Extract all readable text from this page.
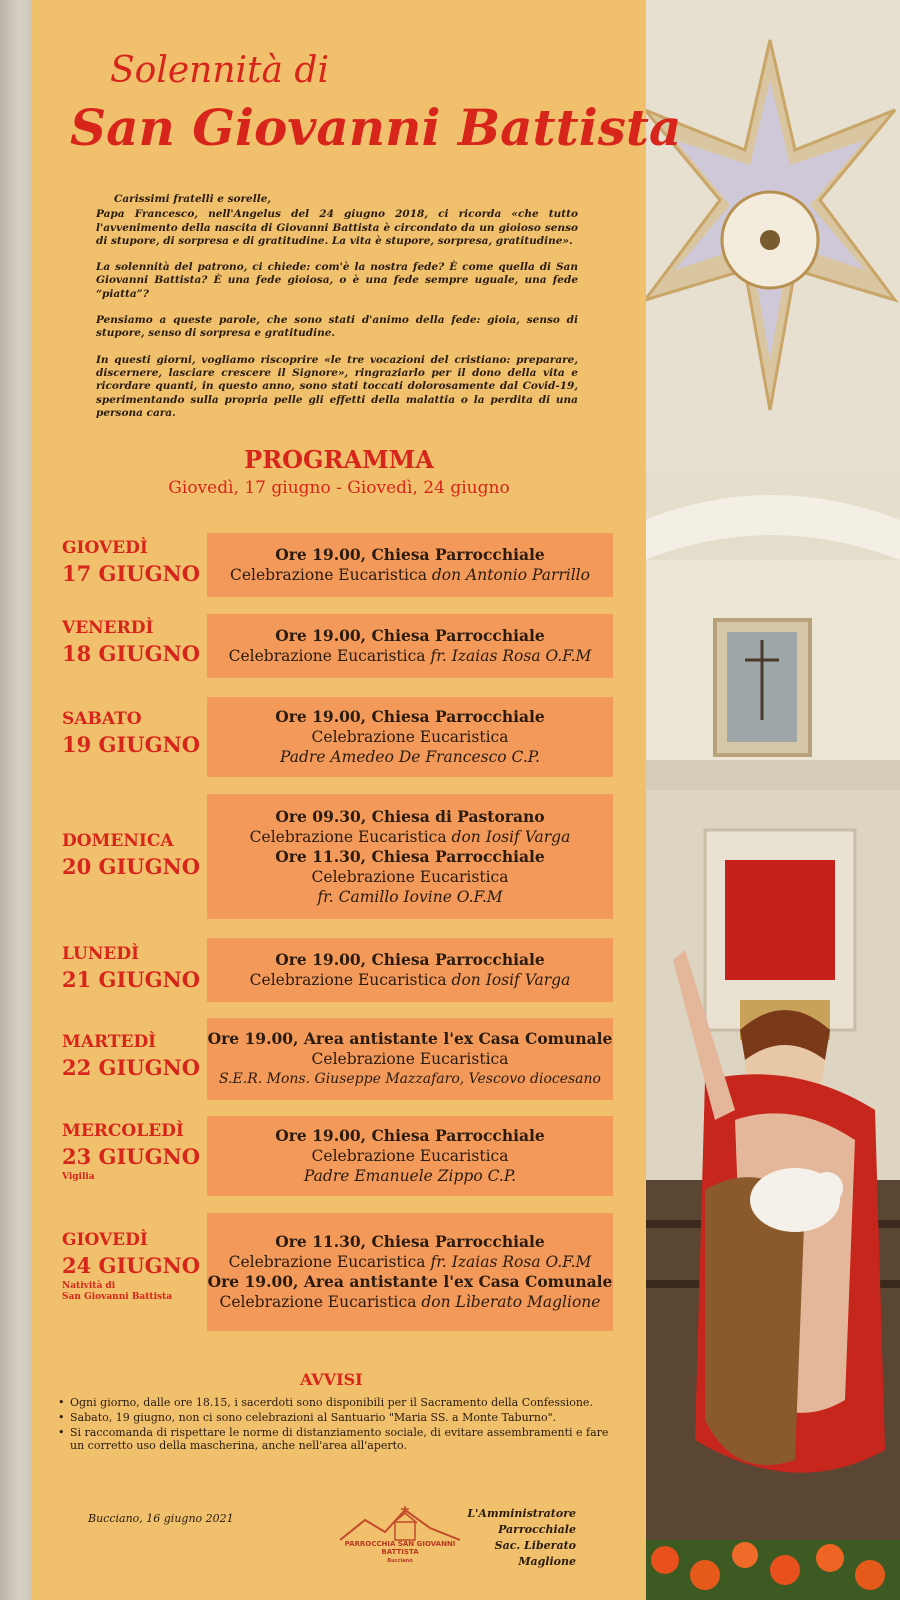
Solennità di
San Giovanni Battista

Carissimi fratelli e sorelle,

Papa Francesco, nell'Angelus del 24 giugno 2018, ci ricorda «che tutto l'avvenimento della nascita di Giovanni Battista è circondato da un gioioso senso di stupore, di sorpresa e di gratitudine. La vita è stupore, sorpresa, gratitudine».

La solennità del patrono, ci chiede: com'è la nostra fede? È come quella di San Giovanni Battista? È una fede gioiosa, o è una fede sempre uguale, una fede “piatta”?

Pensiamo a queste parole, che sono stati d'animo della fede: gioia, senso di stupore, senso di sorpresa e gratitudine.

In questi giorni, vogliamo riscoprire «le tre vocazioni del cristiano: preparare, discernere, lasciare crescere il Signore», ringraziarlo per il dono della vita e ricordare quanti, in questo anno, sono stati toccati dolorosamente dal Covid-19, sperimentando sulla propria pelle gli effetti della malattia o la perdita di una persona cara.

PROGRAMMA
Giovedì, 17 giugno - Giovedì, 24 giugno
GIOVEDÌ
17 GIUGNO
Ore 19.00, Chiesa Parrocchiale
Celebrazione Eucaristica don Antonio Parrillo
VENERDÌ
18 GIUGNO
Ore 19.00, Chiesa Parrocchiale
Celebrazione Eucaristica fr. Izaias Rosa O.F.M
SABATO
19 GIUGNO
Ore 19.00, Chiesa Parrocchiale
Celebrazione Eucaristica
Padre Amedeo De Francesco C.P.
DOMENICA
20 GIUGNO
Ore 09.30, Chiesa di Pastorano
Celebrazione Eucaristica don Iosif Varga
Ore 11.30, Chiesa Parrocchiale
Celebrazione Eucaristica
fr. Camillo Iovine O.F.M
LUNEDÌ
21 GIUGNO
Ore 19.00, Chiesa Parrocchiale
Celebrazione Eucaristica don Iosif Varga
MARTEDÌ
22 GIUGNO
Ore 19.00, Area antistante l'ex Casa Comunale
Celebrazione Eucaristica
S.E.R. Mons. Giuseppe Mazzafaro, Vescovo diocesano
MERCOLEDÌ
23 GIUGNO
Vigilia
Ore 19.00, Chiesa Parrocchiale
Celebrazione Eucaristica
Padre Emanuele Zippo C.P.
GIOVEDÌ
24 GIUGNO
Natività di
San Giovanni Battista
Ore 11.30, Chiesa Parrocchiale
Celebrazione Eucaristica fr. Izaias Rosa O.F.M
Ore 19.00, Area antistante l'ex Casa Comunale
Celebrazione Eucaristica don Lìberato Maglione
AVVISI
• Ogni giorno, dalle ore 18.15, i sacerdoti sono disponibili per il Sacramento della Confessione.
• Sabato, 19 giugno, non ci sono celebrazioni al Santuario "Maria SS. a Monte Taburno".
• Si raccomanda di rispettare le norme di distanziamento sociale, di evitare assembramenti e fare un corretto uso della mascherina, anche nell'area all'aperto.
Bucciano, 16 giugno 2021
PARROCCHIA SAN GIOVANNI BATTISTA
Bucciano
L'Amministratore Parrocchiale
Sac. Liberato Maglione
